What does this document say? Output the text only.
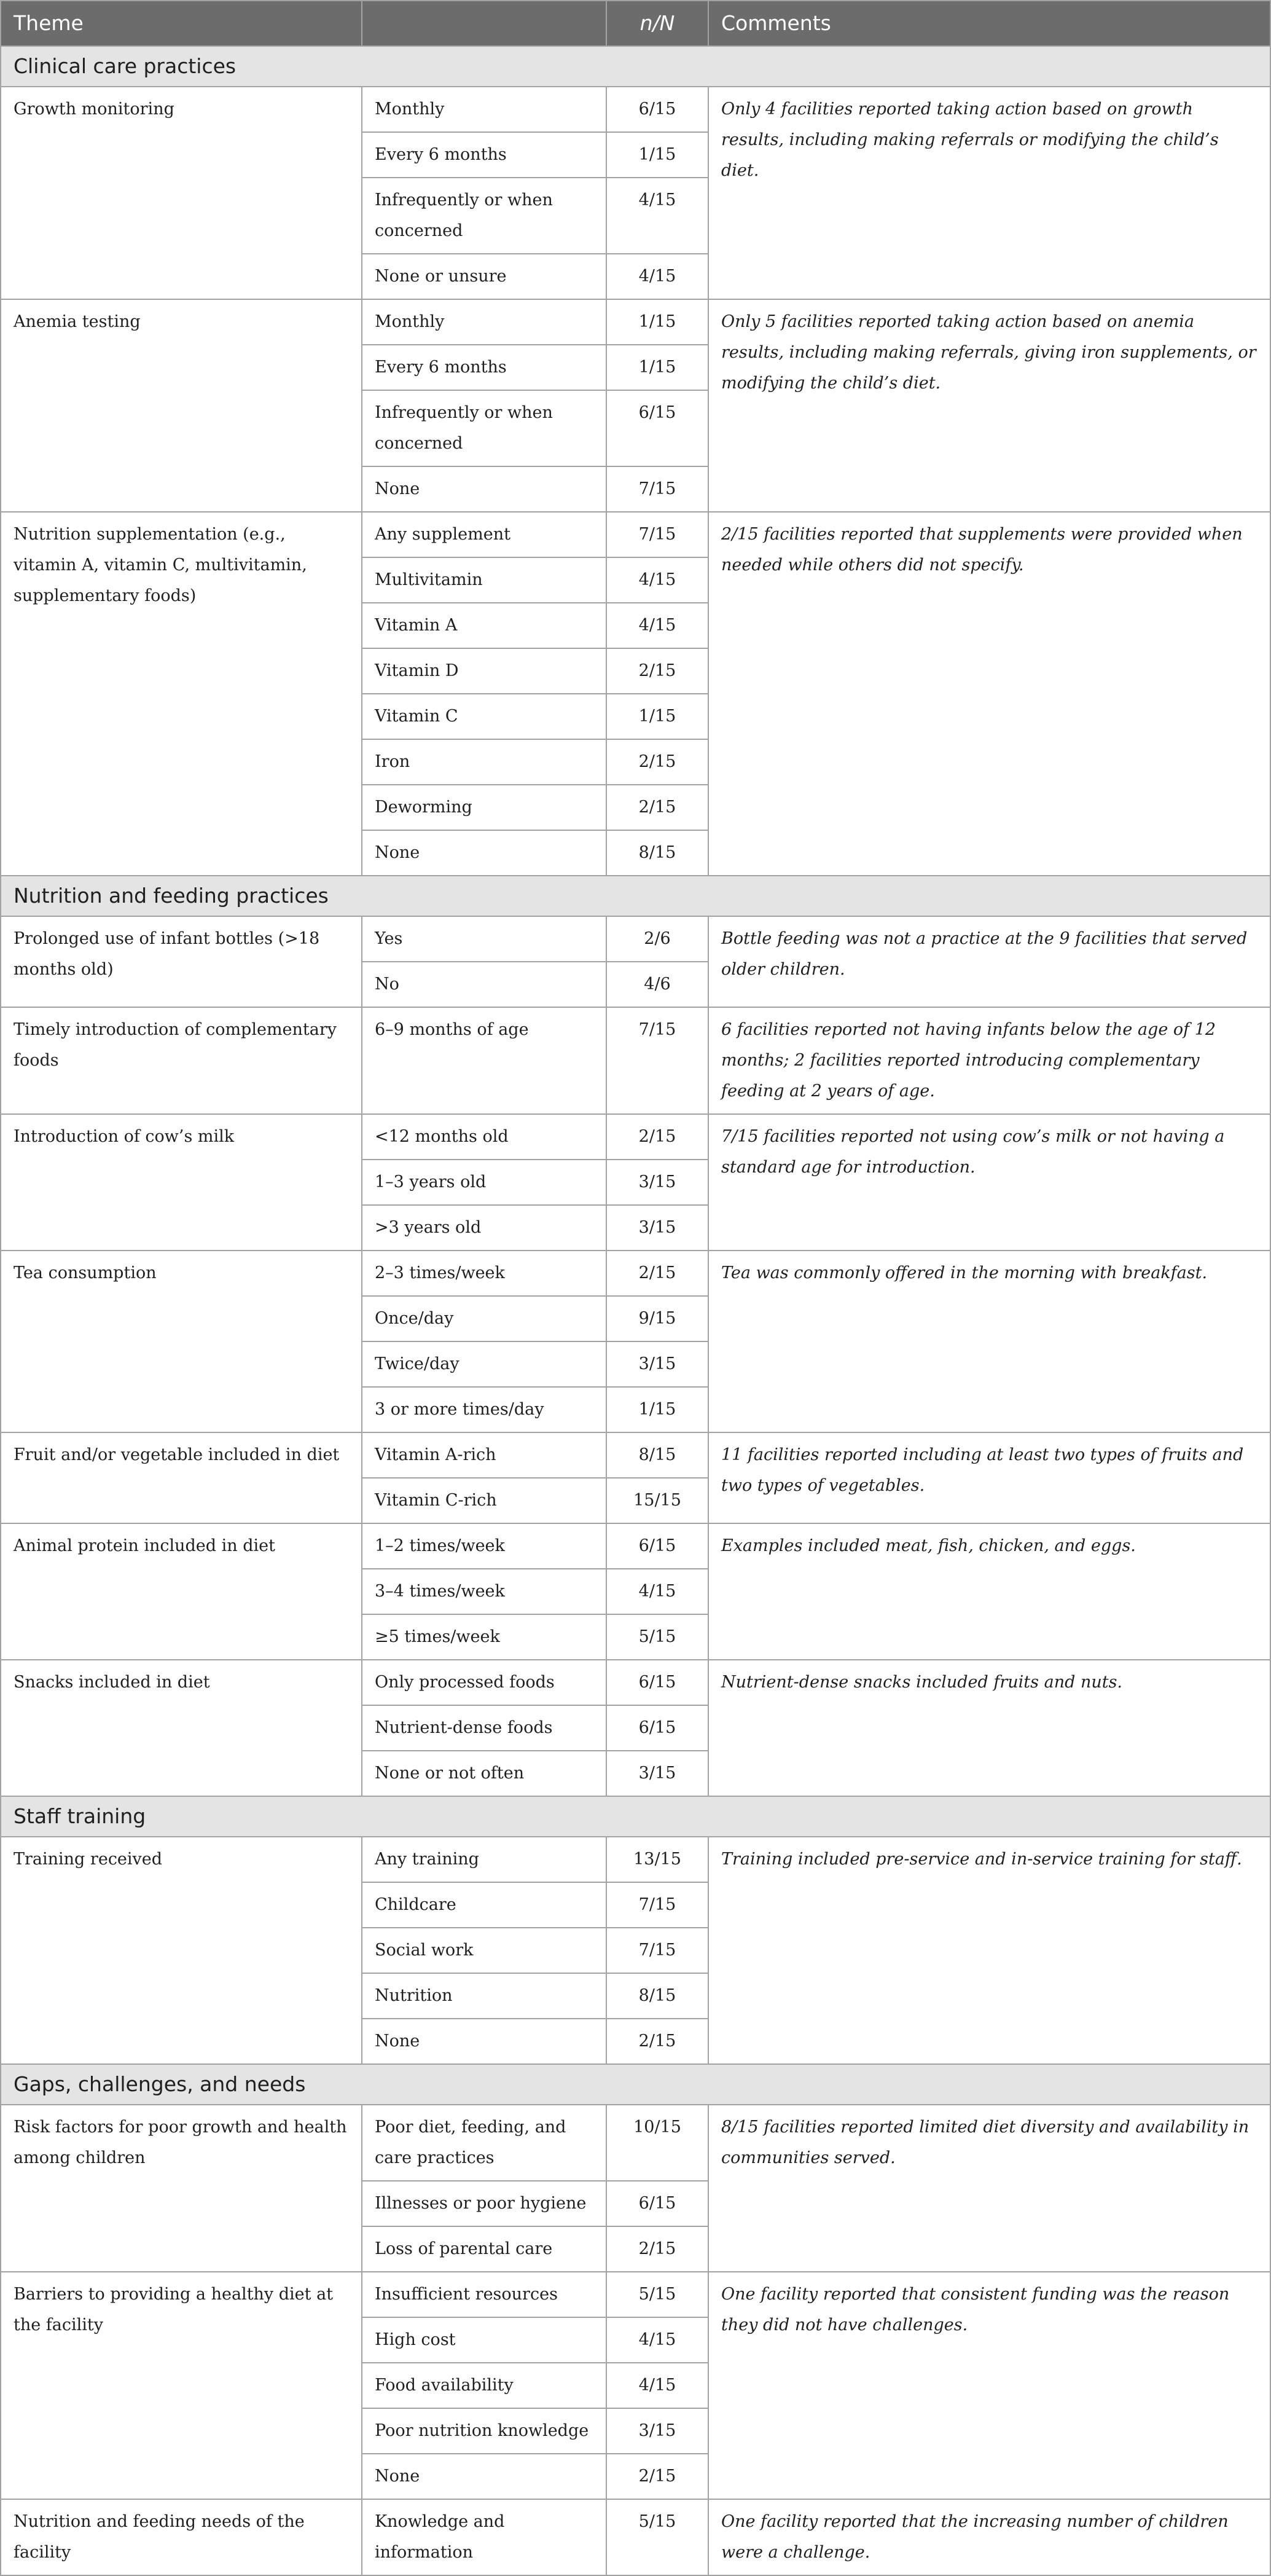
Theme		n/N	Comments
Clinical care practices			
Growth monitoring	Monthly	6/15	Only 4 facilities reported taking action based on growth results, including making referrals or modifying the child’s diet.
	Every 6 months	1/15	
	Infrequently or when concerned	4/15	
	None or unsure	4/15	
Anemia testing	Monthly	1/15	Only 5 facilities reported taking action based on anemia results, including making referrals, giving iron supplements, or modifying the child’s diet.
	Every 6 months	1/15	
	Infrequently or when concerned	6/15	
	None	7/15	
Nutrition supplementation (e.g., vitamin A, vitamin C, multivitamin, supplementary foods)	Any supplement	7/15	2/15 facilities reported that supplements were provided when needed while others did not specify.
	Multivitamin	4/15	
	Vitamin A	4/15	
	Vitamin D	2/15	
	Vitamin C	1/15	
	Iron	2/15	
	Deworming	2/15	
	None	8/15	
Nutrition and feeding practices			
Prolonged use of infant bottles (>18 months old)	Yes	2/6	Bottle feeding was not a practice at the 9 facilities that served older children.
	No	4/6	
Timely introduction of complementary foods	6–9 months of age	7/15	6 facilities reported not having infants below the age of 12 months; 2 facilities reported introducing complementary feeding at 2 years of age.
Introduction of cow’s milk	<12 months old	2/15	7/15 facilities reported not using cow’s milk or not having a standard age for introduction.
	1–3 years old	3/15	
	>3 years old	3/15	
Tea consumption	2–3 times/week	2/15	Tea was commonly offered in the morning with breakfast.
	Once/day	9/15	
	Twice/day	3/15	
	3 or more times/day	1/15	
Fruit and/or vegetable included in diet	Vitamin A-rich	8/15	11 facilities reported including at least two types of fruits and two types of vegetables.
	Vitamin C-rich	15/15	
Animal protein included in diet	1–2 times/week	6/15	Examples included meat, fish, chicken, and eggs.
	3–4 times/week	4/15	
	≥5 times/week	5/15	
Snacks included in diet	Only processed foods	6/15	Nutrient-dense snacks included fruits and nuts.
	Nutrient-dense foods	6/15	
	None or not often	3/15	
Staff training			
Training received	Any training	13/15	Training included pre-service and in-service training for staff.
	Childcare	7/15	
	Social work	7/15	
	Nutrition	8/15	
	None	2/15	
Gaps, challenges, and needs			
Risk factors for poor growth and health among children	Poor diet, feeding, and care practices	10/15	8/15 facilities reported limited diet diversity and availability in communities served.
	Illnesses or poor hygiene	6/15	
	Loss of parental care	2/15	
Barriers to providing a healthy diet at the facility	Insufficient resources	5/15	One facility reported that consistent funding was the reason they did not have challenges.
	High cost	4/15	
	Food availability	4/15	
	Poor nutrition knowledge	3/15	
	None	2/15	
Nutrition and feeding needs of the facility	Knowledge and information	5/15	One facility reported that the increasing number of children were a challenge.
